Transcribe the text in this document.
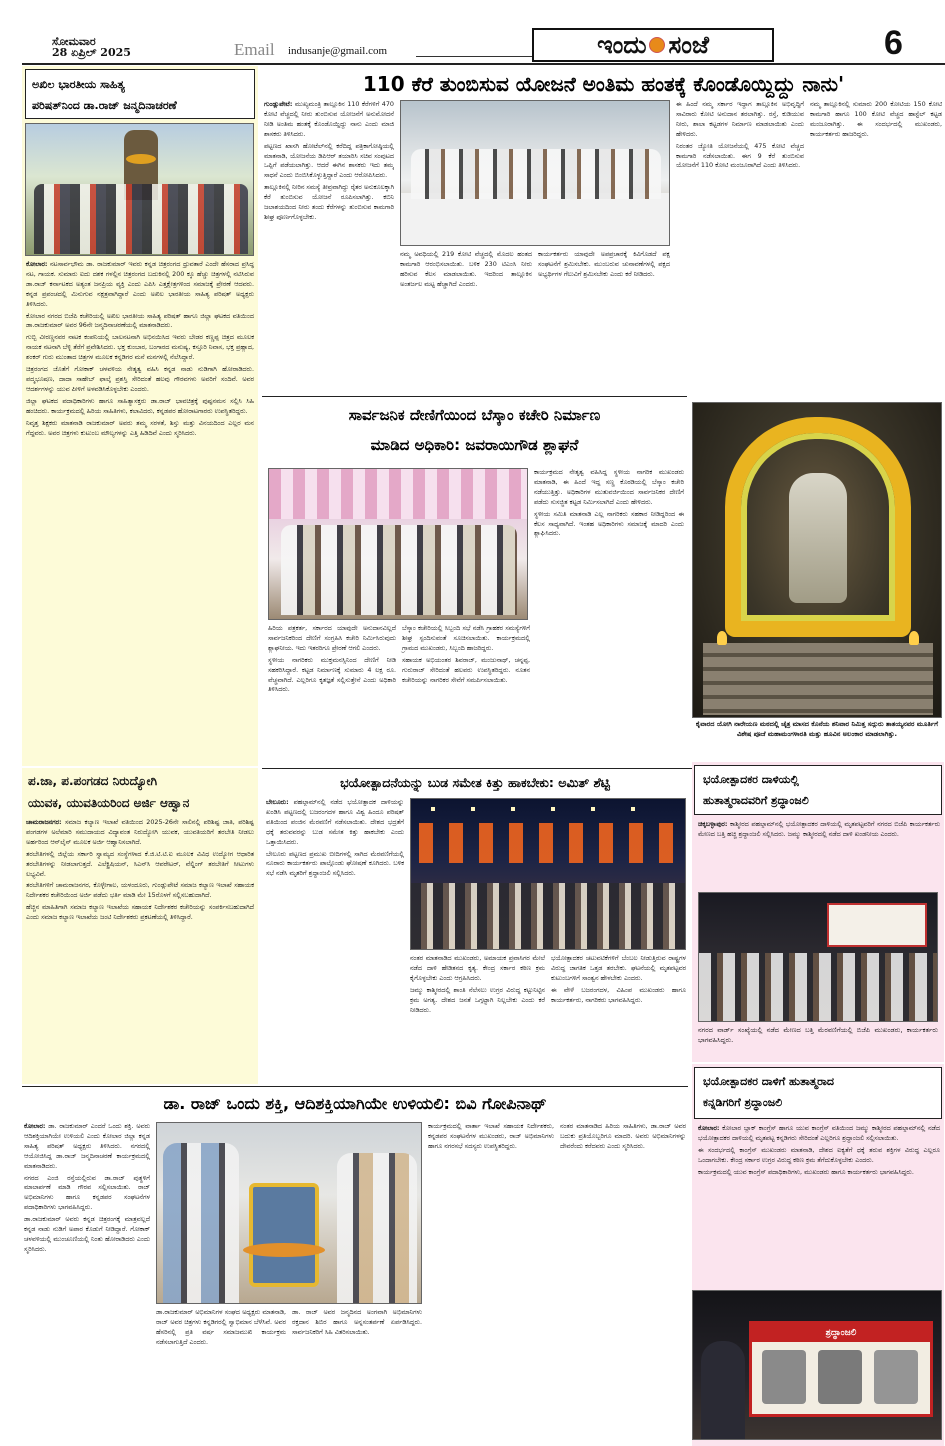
ಸೋಮವಾರ
28 ಏಪ್ರಿಲ್ 2025	Email indusanje@gmail.com	ಇಂದು ಸಂಜೆ	6
ಅಖಿಲ ಭಾರತೀಯ ಸಾಹಿತ್ಯ
ಪರಿಷತ್‌ನಿಂದ ಡಾ.ರಾಜ್ ಜನ್ಮದಿನಾಚರಣೆ

ಕೋಲಾರ: ನಟಸಾರ್ವಭೌಮ ಡಾ. ರಾಜಕುಮಾರ್ ಇವರು ಕನ್ನಡ ಚಿತ್ರರಂಗದ ಧ್ರುವತಾರೆ ಎಂದೇ ಹೆಸರಾದ ಪ್ರಸಿದ್ಧ ನಟ, ಗಾಯಕ. ಸುಮಾರು ಐದು ದಶಕ ಗಳಲ್ಲಿನ ಚಿತ್ರರಂಗದ ಬದುಕಿನಲ್ಲಿ 200 ಕ್ಕೂ ಹೆಚ್ಚು ಚಿತ್ರಗಳಲ್ಲಿ ನಟಿಸಿರುವ ಡಾ.ರಾಜ್ ಕರ್ನಾಟಕದ ಅತ್ಯಂತ ಜನಪ್ರಿಯ ವ್ಯಕ್ತಿ ಎಂದು ಎಪಿಸಿ ಎತ್ತಕ್ಷೇತ್ರಗಳಿಂದ ಸಮಾಜಕ್ಕೆ ಪ್ರೇರಣೆ ಆದವರು. ಕನ್ನಡ ಪ್ರಪಂಚದಲ್ಲಿ ಮಿನುಗುವ ನಕ್ಷತ್ರವಾಗಿದ್ದಾರೆ ಎಂದು ಅಖಿಲ ಭಾರತೀಯ ಸಾಹಿತ್ಯ ಪರಿಷತ್ ಅಧ್ಯಕ್ಷರು ತಿಳಿಸಿದರು.

ಕೋಲಾರ ನಗರದ ಬಿಜೆಪಿ ಕಚೇರಿಯಲ್ಲಿ ಅಖಿಲ ಭಾರತೀಯ ಸಾಹಿತ್ಯ ಪರಿಷತ್ ಹಾಗೂ ಜಿಲ್ಲಾ ಘಟಕದ ವತಿಯಿಂದ ಡಾ.ರಾಜಕುಮಾರ್ ಅವರ 96ನೇ ಜನ್ಮದಿನಾಚರಣೆಯಲ್ಲಿ ಮಾತನಾಡಿದರು.

ಗುಬ್ಬಿ ವೀರಣ್ಣನವರ ನಾಟಕ ಕಂಪನಿಯಲ್ಲಿ ಬಾಲನಟನಾಗಿ ಅಭಿನಯಿಸಿದ ಇವರು ಬೇಡರ ಕಣ್ಣಪ್ಪ ಚಿತ್ರದ ಮೂಲಕ ನಾಯಕ ನಟನಾಗಿ ಬೆಳ್ಳಿ ತೆರೆಗೆ ಪ್ರವೇಶಿಸಿದರು. ಭಕ್ತ ಕುಂಬಾರ, ಬಂಗಾರದ ಮನುಷ್ಯ, ಕಸ್ತೂರಿ ನಿವಾಸ, ಭಕ್ತ ಪ್ರಹ್ಲಾದ, ಶಂಕರ್ ಗುರು ಮುಂತಾದ ಚಿತ್ರಗಳ ಮೂಲಕ ಕನ್ನಡಿಗರ ಮನೆ ಮನಗಳಲ್ಲಿ ನೆಲೆಸಿದ್ದಾರೆ.

ಚಿತ್ರರಂಗದ ಜೊತೆಗೆ ಗೋಕಾಕ್ ಚಳವಳಿಯ ನೇತೃತ್ವ ವಹಿಸಿ ಕನ್ನಡ ನಾಡು ನುಡಿಗಾಗಿ ಹೋರಾಡಿದರು. ಪದ್ಮಭೂಷಣ, ದಾದಾ ಸಾಹೇಬ್ ಫಾಲ್ಕೆ ಪ್ರಶಸ್ತಿ ಸೇರಿದಂತೆ ಹಲವು ಗೌರವಗಳು ಅವರಿಗೆ ಸಂದಿವೆ. ಅವರ ಆದರ್ಶಗಳನ್ನು ಯುವ ಪೀಳಿಗೆ ಅಳವಡಿಸಿಕೊಳ್ಳಬೇಕು ಎಂದರು.

ಜಿಲ್ಲಾ ಘಟಕದ ಪದಾಧಿಕಾರಿಗಳು ಹಾಗೂ ಸಾಹಿತ್ಯಾಸಕ್ತರು ಡಾ.ರಾಜ್ ಭಾವಚಿತ್ರಕ್ಕೆ ಪುಷ್ಪನಮನ ಸಲ್ಲಿಸಿ ಸಿಹಿ ಹಂಚಿದರು. ಕಾರ್ಯಕ್ರಮದಲ್ಲಿ ಹಿರಿಯ ಸಾಹಿತಿಗಳು, ಕಲಾವಿದರು, ಕನ್ನಡಪರ ಹೋರಾಟಗಾರರು ಉಪಸ್ಥಿತರಿದ್ದರು.

ನಿವೃತ್ತ ಶಿಕ್ಷಕರು ಮಾತನಾಡಿ ರಾಜಕುಮಾರ್ ಅವರು ತಮ್ಮ ಸರಳತೆ, ಶಿಸ್ತು ಮತ್ತು ವಿನಯದಿಂದ ಎಲ್ಲರ ಮನ ಗೆದ್ದವರು. ಅವರ ಚಿತ್ರಗಳು ಕುಟುಂಬ ಮೌಲ್ಯಗಳನ್ನು ಎತ್ತಿ ಹಿಡಿದಿವೆ ಎಂದು ಸ್ಮರಿಸಿದರು.

ಪ.ಜಾ, ಪ.ಪಂಗಡದ ನಿರುದ್ಯೋಗಿ
ಯುವಕ, ಯುವತಿಯರಿಂದ ಅರ್ಜಿ ಆಹ್ವಾನ

ಚಾಮರಾಜನಗರ: ಸಮಾಜ ಕಲ್ಯಾಣ ಇಲಾಖೆ ವತಿಯಿಂದ 2025-26ನೇ ಸಾಲಿನಲ್ಲಿ ಪರಿಶಿಷ್ಟ ಜಾತಿ, ಪರಿಶಿಷ್ಟ ಪಂಗಡಗಳ ಅಲೆಮಾರಿ ಸಮುದಾಯದ ವಿದ್ಯಾವಂತ ನಿರುದ್ಯೋಗಿ ಯುವಕ, ಯುವತಿಯರಿಗೆ ತರಬೇತಿ ನೀಡಲು ಅರ್ಹರಿಂದ ಆನ್‌ಲೈನ್ ಮೂಲಕ ಅರ್ಜಿ ಆಹ್ವಾನಿಸಲಾಗಿದೆ.

ತರಬೇತಿಗಳಲ್ಲಿ ಜಿಲ್ಲೆಯ ಸರ್ಕಾರಿ ಸ್ವಾಮ್ಯದ ಸಂಸ್ಥೆಗಳಾದ ಕೆ.ಜಿ.ಟಿ.ಟಿ.ಐ ಮೂಲಕ ವಿವಿಧ ಉದ್ಯೋಗ ಆಧಾರಿತ ತರಬೇತಿಗಳನ್ನು ನೀಡಲಾಗುತ್ತದೆ. ಎಲೆಕ್ಟ್ರಿಷಿಯನ್, ಸಿಎನ್‌ಸಿ ಆಪರೇಟರ್, ವೆಲ್ಡಿಂಗ್ ತರಬೇತಿಗೆ ಸೀಟುಗಳು ಲಭ್ಯವಿವೆ.

ತರಬೇತಿಗಳಿಗೆ ಚಾಮರಾಜನಗರ, ಕೊಳ್ಳೇಗಾಲ, ಯಳಂದೂರು, ಗುಂಡ್ಲುಪೇಟೆ ಸಮಾಜ ಕಲ್ಯಾಣ ಇಲಾಖೆ ಸಹಾಯಕ ನಿರ್ದೇಶಕರ ಕಚೇರಿಯಿಂದ ಅರ್ಜಿ ಪಡೆದು ಭರ್ತಿ ಮಾಡಿ ಮೇ 15ರೊಳಗೆ ಸಲ್ಲಿಸಬಹುದಾಗಿದೆ.

ಹೆಚ್ಚಿನ ಮಾಹಿತಿಗಾಗಿ ಸಮಾಜ ಕಲ್ಯಾಣ ಇಲಾಖೆಯ ಸಹಾಯಕ ನಿರ್ದೇಶಕರ ಕಚೇರಿಯನ್ನು ಸಂಪರ್ಕಿಸಬಹುದಾಗಿದೆ ಎಂದು ಸಮಾಜ ಕಲ್ಯಾಣ ಇಲಾಖೆಯ ಜಂಟಿ ನಿರ್ದೇಶಕರು ಪ್ರಕಟಣೆಯಲ್ಲಿ ತಿಳಿಸಿದ್ದಾರೆ.

110 ಕೆರೆ ತುಂಬಿಸುವ ಯೋಜನೆ ಅಂತಿಮ ಹಂತಕ್ಕೆ ಕೊಂಡೊಯ್ದಿದ್ದು ನಾನು'

ಗುಂಡ್ಲುಪೇಟೆ: ಮುಖ್ಯಮಂತ್ರಿ ತಾಲ್ಲೂಕಿನ 110 ಕೆರೆಗಳಿಗೆ 470 ಕೋಟಿ ವೆಚ್ಚದಲ್ಲಿ ನೀರು ತುಂಬಿಸುವ ಯೋಜನೆಗೆ ಅನುಮೋದನೆ ನೀಡಿ ಅಂತಿಮ ಹಂತಕ್ಕೆ ಕೊಂಡೊಯ್ದಿದ್ದು ನಾನು ಎಂದು ಮಾಜಿ ಶಾಸಕರು ತಿಳಿಸಿದರು.

ಪಟ್ಟಣದ ಖಾಸಗಿ ಹೋಟೆಲ್‌ನಲ್ಲಿ ಕರೆದಿದ್ದ ಪತ್ರಿಕಾಗೋಷ್ಠಿಯಲ್ಲಿ ಮಾತನಾಡಿ, ಯೋಜನೆಯ ಡಿಪಿಆರ್ ತಯಾರಿಸಿ ಸಚಿವ ಸಂಪುಟದ ಒಪ್ಪಿಗೆ ಪಡೆಯಲಾಗಿತ್ತು. ಆದರೆ ಈಗಿನ ಶಾಸಕರು ಇದು ತಮ್ಮ ಸಾಧನೆ ಎಂದು ಬಿಂಬಿಸಿಕೊಳ್ಳುತ್ತಿದ್ದಾರೆ ಎಂದು ಆರೋಪಿಸಿದರು.

ತಾಲ್ಲೂಕಿನಲ್ಲಿ ನೀರಿನ ಸಮಸ್ಯೆ ತೀವ್ರವಾಗಿದ್ದು ರೈತರ ಅನುಕೂಲಕ್ಕಾಗಿ ಕೆರೆ ತುಂಬಿಸುವ ಯೋಜನೆ ರೂಪಿಸಲಾಗಿತ್ತು. ಕಬಿನಿ ಜಲಾಶಯದಿಂದ ನೀರು ತಂದು ಕೆರೆಗಳನ್ನು ತುಂಬಿಸುವ ಕಾಮಗಾರಿ ಶೀಘ್ರ ಪೂರ್ಣಗೊಳ್ಳಬೇಕು.

ನಮ್ಮ ಅವಧಿಯಲ್ಲಿ 219 ಕೋಟಿ ವೆಚ್ಚದಲ್ಲಿ ಮೊದಲ ಹಂತದ ಕಾಮಗಾರಿ ಆರಂಭಿಸಲಾಯಿತು. ಬಳಿಕ 230 ಟಿಎಂಸಿ ನೀರು ಹರಿಸುವ ಕೆಲಸ ಮಾಡಲಾಯಿತು. ಇದರಿಂದ ತಾಲ್ಲೂಕಿನ ಅಂತರ್ಜಲ ಮಟ್ಟ ಹೆಚ್ಚಾಗಿದೆ ಎಂದರು.

ಕಾರ್ಯಕರ್ತರು ಯಾವುದೇ ಅಪಪ್ರಚಾರಕ್ಕೆ ಕಿವಿಗೊಡದೆ ಪಕ್ಷ ಸಂಘಟನೆಗೆ ಶ್ರಮಿಸಬೇಕು. ಮುಂಬರುವ ಚುನಾವಣೆಗಳಲ್ಲಿ ಪಕ್ಷದ ಅಭ್ಯರ್ಥಿಗಳ ಗೆಲುವಿಗೆ ಶ್ರಮಿಸಬೇಕು ಎಂದು ಕರೆ ನೀಡಿದರು.

ಈ ಹಿಂದೆ ನಮ್ಮ ಸರ್ಕಾರ ಇದ್ದಾಗ ತಾಲ್ಲೂಕಿನ ಅಭಿವೃದ್ಧಿಗೆ ಸಾವಿರಾರು ಕೋಟಿ ಅನುದಾನ ತರಲಾಗಿತ್ತು. ರಸ್ತೆ, ಕುಡಿಯುವ ನೀರು, ಶಾಲಾ ಕಟ್ಟಡಗಳ ನಿರ್ಮಾಣ ಮಾಡಲಾಯಿತು ಎಂದು ಹೇಳಿದರು.

ನಿರಂತರ ಜ್ಯೋತಿ ಯೋಜನೆಯಲ್ಲಿ 475 ಕೋಟಿ ವೆಚ್ಚದ ಕಾಮಗಾರಿ ನಡೆಸಲಾಯಿತು. ಈಗ 9 ಕೆರೆ ತುಂಬಿಸುವ ಯೋಜನೆಗೆ 110 ಕೋಟಿ ಮಂಜೂರಾಗಿದೆ ಎಂದು ತಿಳಿಸಿದರು.

ನಮ್ಮ ತಾಲ್ಲೂಕಿನಲ್ಲಿ ಸುಮಾರು 200 ಕೋಟಿಯ 150 ಕೋಟಿ ಕಾಮಗಾರಿ ಹಾಗೂ 100 ಕೋಟಿ ವೆಚ್ಚದ ಹಾಸ್ಟೆಲ್ ಕಟ್ಟಡ ಮಂಜೂರಾಗಿತ್ತು. ಈ ಸಂದರ್ಭದಲ್ಲಿ ಮುಖಂಡರು, ಕಾರ್ಯಕರ್ತರು ಹಾಜರಿದ್ದರು.

ಸಾರ್ವಜನಿಕ ದೇಣಿಗೆಯಿಂದ ಬೆಸ್ಕಾಂ ಕಚೇರಿ ನಿರ್ಮಾಣ
ಮಾಡಿದ ಅಧಿಕಾರಿ: ಜವರಾಯಿಗೌಡ ಶ್ಲಾಘನೆ

ಕಾರ್ಯಕ್ರಮದ ನೇತೃತ್ವ ವಹಿಸಿದ್ದ ಸ್ಥಳೀಯ ನಾಗರಿಕ ಮುಖಂಡರು ಮಾತನಾಡಿ, ಈ ಹಿಂದೆ ಇದ್ದ ಸಣ್ಣ ಕೊಠಡಿಯಲ್ಲಿ ಬೆಸ್ಕಾಂ ಕಚೇರಿ ನಡೆಯುತ್ತಿತ್ತು. ಅಧಿಕಾರಿಗಳ ಮುತುವರ್ಜಿಯಿಂದ ಸಾರ್ವಜನಿಕರ ದೇಣಿಗೆ ಪಡೆದು ಸುಸಜ್ಜಿತ ಕಟ್ಟಡ ನಿರ್ಮಿಸಲಾಗಿದೆ ಎಂದು ಹೇಳಿದರು.

ಸ್ಥಳೀಯ ಸಮಿತಿ ಮಾತನಾಡಿ ಎಲ್ಲ ನಾಗರಿಕರು ಸಹಕಾರ ನೀಡಿದ್ದರಿಂದ ಈ ಕೆಲಸ ಸಾಧ್ಯವಾಗಿದೆ. ಇಂತಹ ಅಧಿಕಾರಿಗಳು ಸಮಾಜಕ್ಕೆ ಮಾದರಿ ಎಂದು ಶ್ಲಾಘಿಸಿದರು.

ಹಿರಿಯ ಪತ್ರಕರ್ತ, ಸರ್ಕಾರದ ಯಾವುದೇ ಅನುದಾನವಿಲ್ಲದೆ ಸಾರ್ವಜನಿಕರಿಂದ ದೇಣಿಗೆ ಸಂಗ್ರಹಿಸಿ ಕಚೇರಿ ನಿರ್ಮಿಸಿರುವುದು ಶ್ಲಾಘನೀಯ. ಇದು ಇತರರಿಗೂ ಪ್ರೇರಣೆ ಆಗಲಿ ಎಂದರು.

ಸ್ಥಳೀಯ ನಾಗರಿಕರು ಮುಕ್ತಮನಸ್ಸಿನಿಂದ ದೇಣಿಗೆ ನೀಡಿ ಸಹಕರಿಸಿದ್ದಾರೆ. ಕಟ್ಟಡ ನಿರ್ಮಾಣಕ್ಕೆ ಸುಮಾರು 4 ಲಕ್ಷ ರೂ. ವೆಚ್ಚವಾಗಿದೆ. ಎಲ್ಲರಿಗೂ ಕೃತಜ್ಞತೆ ಸಲ್ಲಿಸುತ್ತೇನೆ ಎಂದು ಅಧಿಕಾರಿ ತಿಳಿಸಿದರು.

ಬೆಸ್ಕಾಂ ಕಚೇರಿಯಲ್ಲಿ ಸಿಬ್ಬಂದಿ ಸಭೆ ನಡೆಸಿ ಗ್ರಾಹಕರ ಸಮಸ್ಯೆಗಳಿಗೆ ಶೀಘ್ರ ಸ್ಪಂದಿಸುವಂತೆ ಸೂಚಿಸಲಾಯಿತು. ಕಾರ್ಯಕ್ರಮದಲ್ಲಿ ಗ್ರಾಮದ ಮುಖಂಡರು, ಸಿಬ್ಬಂದಿ ಹಾಜರಿದ್ದರು.

ಸಹಾಯಕ ಅಭಿಯಂತರ ಶಿವರಾಜ್, ಮಂಜುನಾಥ್, ಚನ್ನಪ್ಪ, ಗುರುರಾಜ್ ಸೇರಿದಂತೆ ಹಲವರು ಉಪಸ್ಥಿತರಿದ್ದರು. ನೂತನ ಕಚೇರಿಯನ್ನು ನಾಗರಿಕರ ಸೇವೆಗೆ ಸಮರ್ಪಿಸಲಾಯಿತು.

ಕೈವಾರದ ಯೋಗಿ ನಾರೇಯಣ ಮಠದಲ್ಲಿ ಚೈತ್ರ ಮಾಸದ ಕೊನೆಯ ಶನಿವಾರ ನಿಮಿತ್ತ ಸದ್ಗುರು ತಾತಯ್ಯನವರ ಮೂರ್ತಿಗೆ ವಿಶೇಷ ಪೂಜೆ ಮಹಾಮಂಗಳಾರತಿ ಮತ್ತು ಹೂವಿನ ಅಲಂಕಾರ ಮಾಡಲಾಗಿತ್ತು.
ಭಯೋತ್ಪಾದನೆಯನ್ನು ಬುಡ ಸಮೇತ ಕಿತ್ತು ಹಾಕಬೇಕು: ಅಮಿತ್ ಶೆಟ್ಟಿ

ಬೇಲೂರು: ಪಹಲ್ಗಾಮ್‌ನಲ್ಲಿ ನಡೆದ ಭಯೋತ್ಪಾದಕ ದಾಳಿಯನ್ನು ಖಂಡಿಸಿ ಪಟ್ಟಣದಲ್ಲಿ ಬಜರಂಗದಳ ಹಾಗೂ ವಿಶ್ವ ಹಿಂದೂ ಪರಿಷತ್ ವತಿಯಿಂದ ಪಂಜಿನ ಮೆರವಣಿಗೆ ನಡೆಸಲಾಯಿತು. ದೇಶದ ಭದ್ರತೆಗೆ ಧಕ್ಕೆ ತರುವವರನ್ನು ಬುಡ ಸಮೇತ ಕಿತ್ತು ಹಾಕಬೇಕು ಎಂದು ಒತ್ತಾಯಿಸಿದರು.

ಬೇಲೂರು ಪಟ್ಟಣದ ಪ್ರಮುಖ ಬೀದಿಗಳಲ್ಲಿ ಸಾಗಿದ ಮೆರವಣಿಗೆಯಲ್ಲಿ ನೂರಾರು ಕಾರ್ಯಕರ್ತರು ಪಾಲ್ಗೊಂಡು ಘೋಷಣೆ ಕೂಗಿದರು. ಬಳಿಕ ಸಭೆ ನಡೆಸಿ ಮೃತರಿಗೆ ಶ್ರದ್ಧಾಂಜಲಿ ಸಲ್ಲಿಸಿದರು.

ನಂತರ ಮಾತನಾಡಿದ ಮುಖಂಡರು, ಅಮಾಯಕ ಪ್ರವಾಸಿಗರ ಮೇಲೆ ನಡೆದ ದಾಳಿ ಹೇಡಿತನದ ಕೃತ್ಯ. ಕೇಂದ್ರ ಸರ್ಕಾರ ಕಠಿಣ ಕ್ರಮ ಕೈಗೊಳ್ಳಬೇಕು ಎಂದು ಆಗ್ರಹಿಸಿದರು.

ಜಮ್ಮು ಕಾಶ್ಮೀರದಲ್ಲಿ ಶಾಂತಿ ನೆಲೆಸಲು ಉಗ್ರರ ವಿರುದ್ಧ ಕಟ್ಟುನಿಟ್ಟಿನ ಕ್ರಮ ಅಗತ್ಯ. ದೇಶದ ಜನತೆ ಒಗ್ಗಟ್ಟಾಗಿ ನಿಲ್ಲಬೇಕು ಎಂದು ಕರೆ ನೀಡಿದರು.

ಭಯೋತ್ಪಾದಕರ ಚಟುವಟಿಕೆಗಳಿಗೆ ಬೆಂಬಲ ನೀಡುತ್ತಿರುವ ರಾಷ್ಟ್ರಗಳ ವಿರುದ್ಧ ಜಾಗತಿಕ ಒತ್ತಡ ತರಬೇಕು. ಘಟನೆಯಲ್ಲಿ ಮೃತಪಟ್ಟವರ ಕುಟುಂಬಗಳಿಗೆ ಸಾಂತ್ವನ ಹೇಳಬೇಕು ಎಂದರು.

ಈ ವೇಳೆ ಬಜರಂಗದಳ, ವಿಹಿಂಪ ಮುಖಂಡರು ಹಾಗೂ ಕಾರ್ಯಕರ್ತರು, ನಾಗರಿಕರು ಭಾಗವಹಿಸಿದ್ದರು.

ಭಯೋತ್ಪಾದಕರ ದಾಳಿಯಲ್ಲಿ
ಹುತಾತ್ಮರಾದವರಿಗೆ ಶ್ರದ್ಧಾಂಜಲಿ

ಚಿಕ್ಕಬಳ್ಳಾಪುರ: ಕಾಶ್ಮೀರದ ಪಹಲ್ಗಾಮ್‌ನಲ್ಲಿ ಭಯೋತ್ಪಾದಕರ ದಾಳಿಯಲ್ಲಿ ಮೃತಪಟ್ಟವರಿಗೆ ನಗರದ ಬಿಜೆಪಿ ಕಾರ್ಯಕರ್ತರು ಮೇಣದ ಬತ್ತಿ ಹಚ್ಚಿ ಶ್ರದ್ಧಾಂಜಲಿ ಸಲ್ಲಿಸಿದರು. ಜಮ್ಮು ಕಾಶ್ಮೀರದಲ್ಲಿ ನಡೆದ ದಾಳಿ ಖಂಡನೀಯ ಎಂದರು.

ನಗರದ ವಾರ್ಡ್ ಸಂಖ್ಯೆಯಲ್ಲಿ ನಡೆದ ಮೇಣದ ಬತ್ತಿ ಮೆರವಣಿಗೆಯಲ್ಲಿ ಬಿಜೆಪಿ ಮುಖಂಡರು, ಕಾರ್ಯಕರ್ತರು ಭಾಗವಹಿಸಿದ್ದರು.
ಭಯೋತ್ಪಾದಕರ ದಾಳಿಗೆ ಹುತಾತ್ಮರಾದ
ಕನ್ನಡಿಗರಿಗೆ ಶ್ರದ್ಧಾಂಜಲಿ

ಕೋಲಾರ: ಕೋಲಾರ ಬ್ಲಾಕ್ ಕಾಂಗ್ರೆಸ್ ಹಾಗೂ ಯುವ ಕಾಂಗ್ರೆಸ್ ವತಿಯಿಂದ ಜಮ್ಮು ಕಾಶ್ಮೀರದ ಪಹಲ್ಗಾಮ್‌ನಲ್ಲಿ ನಡೆದ ಭಯೋತ್ಪಾದಕರ ದಾಳಿಯಲ್ಲಿ ಮೃತಪಟ್ಟ ಕನ್ನಡಿಗರು ಸೇರಿದಂತೆ ಎಲ್ಲರಿಗೂ ಶ್ರದ್ಧಾಂಜಲಿ ಸಲ್ಲಿಸಲಾಯಿತು.

ಈ ಸಂದರ್ಭದಲ್ಲಿ ಕಾಂಗ್ರೆಸ್ ಮುಖಂಡರು ಮಾತನಾಡಿ, ದೇಶದ ಐಕ್ಯತೆಗೆ ಧಕ್ಕೆ ತರುವ ಶಕ್ತಿಗಳ ವಿರುದ್ಧ ಎಲ್ಲರೂ ಒಂದಾಗಬೇಕು. ಕೇಂದ್ರ ಸರ್ಕಾರ ಉಗ್ರರ ವಿರುದ್ಧ ಕಠಿಣ ಕ್ರಮ ತೆಗೆದುಕೊಳ್ಳಬೇಕು ಎಂದರು.

ಕಾರ್ಯಕ್ರಮದಲ್ಲಿ ಯುವ ಕಾಂಗ್ರೆಸ್ ಪದಾಧಿಕಾರಿಗಳು, ಮುಖಂಡರು ಹಾಗೂ ಕಾರ್ಯಕರ್ತರು ಭಾಗವಹಿಸಿದ್ದರು.

ಶ್ರದ್ಧಾಂಜಲಿ
ಡಾ. ರಾಜ್ ಒಂದು ಶಕ್ತಿ, ಆದಿಶಕ್ತಿಯಾಗಿಯೇ ಉಳಿಯಲಿ: ಬಿವಿ ಗೋಪಿನಾಥ್

ಕೋಲಾರ: ಡಾ. ರಾಜಕುಮಾರ್ ಎಂದರೆ ಒಂದು ಶಕ್ತಿ. ಅವರು ಆದಿಶಕ್ತಿಯಾಗಿಯೇ ಉಳಿಯಲಿ ಎಂದು ಕೋಲಾರ ಜಿಲ್ಲಾ ಕನ್ನಡ ಸಾಹಿತ್ಯ ಪರಿಷತ್ ಅಧ್ಯಕ್ಷರು ತಿಳಿಸಿದರು. ನಗರದಲ್ಲಿ ಆಯೋಜಿಸಿದ್ದ ಡಾ.ರಾಜ್ ಜನ್ಮದಿನಾಚರಣೆ ಕಾರ್ಯಕ್ರಮದಲ್ಲಿ ಮಾತನಾಡಿದರು.

ನಗರದ ಎಂಜಿ ರಸ್ತೆಯಲ್ಲಿರುವ ಡಾ.ರಾಜ್ ಪುತ್ಥಳಿಗೆ ಮಾಲಾರ್ಪಣೆ ಮಾಡಿ ಗೌರವ ಸಲ್ಲಿಸಲಾಯಿತು. ರಾಜ್ ಅಭಿಮಾನಿಗಳು ಹಾಗೂ ಕನ್ನಡಪರ ಸಂಘಟನೆಗಳ ಪದಾಧಿಕಾರಿಗಳು ಭಾಗವಹಿಸಿದ್ದರು.

ಡಾ.ರಾಜಕುಮಾರ್ ಅವರು ಕನ್ನಡ ಚಿತ್ರರಂಗಕ್ಕೆ ಮಾತ್ರವಲ್ಲದೆ ಕನ್ನಡ ನಾಡು ನುಡಿಗೆ ಅಪಾರ ಕೊಡುಗೆ ನೀಡಿದ್ದಾರೆ. ಗೋಕಾಕ್ ಚಳವಳಿಯಲ್ಲಿ ಮುಂಚೂಣಿಯಲ್ಲಿ ನಿಂತು ಹೋರಾಡಿದರು ಎಂದು ಸ್ಮರಿಸಿದರು.

ಡಾ.ರಾಜಕುಮಾರ್ ಅಭಿಮಾನಿಗಳ ಸಂಘದ ಅಧ್ಯಕ್ಷರು ಮಾತನಾಡಿ, ರಾಜ್ ಅವರ ಚಿತ್ರಗಳು ಕನ್ನಡಿಗರಲ್ಲಿ ಸ್ವಾಭಿಮಾನ ಬೆಳೆಸಿವೆ. ಅವರ ಹೆಸರಿನಲ್ಲಿ ಪ್ರತಿ ವರ್ಷ ಸಮಾಜಮುಖಿ ಕಾರ್ಯಕ್ರಮ ನಡೆಸಲಾಗುತ್ತಿದೆ ಎಂದರು.

ಡಾ. ರಾಜ್ ಅವರ ಜನ್ಮದಿನದ ಅಂಗವಾಗಿ ಅಭಿಮಾನಿಗಳು ರಕ್ತದಾನ ಶಿಬಿರ ಹಾಗೂ ಅನ್ನಸಂತರ್ಪಣೆ ಏರ್ಪಡಿಸಿದ್ದರು. ಸಾರ್ವಜನಿಕರಿಗೆ ಸಿಹಿ ವಿತರಿಸಲಾಯಿತು.

ಕಾರ್ಯಕ್ರಮದಲ್ಲಿ ವಾರ್ತಾ ಇಲಾಖೆ ಸಹಾಯಕ ನಿರ್ದೇಶಕರು, ಕನ್ನಡಪರ ಸಂಘಟನೆಗಳ ಮುಖಂಡರು, ರಾಜ್ ಅಭಿಮಾನಿಗಳು ಹಾಗೂ ನಗರಸಭೆ ಸದಸ್ಯರು ಉಪಸ್ಥಿತರಿದ್ದರು.

ನಂತರ ಮಾತನಾಡಿದ ಹಿರಿಯ ಸಾಹಿತಿಗಳು, ಡಾ.ರಾಜ್ ಅವರ ಬದುಕು ಪ್ರತಿಯೊಬ್ಬರಿಗೂ ಮಾದರಿ. ಅವರು ಅಭಿಮಾನಿಗಳನ್ನು ದೇವರೆಂದು ಕರೆದವರು ಎಂದು ಸ್ಮರಿಸಿದರು.
